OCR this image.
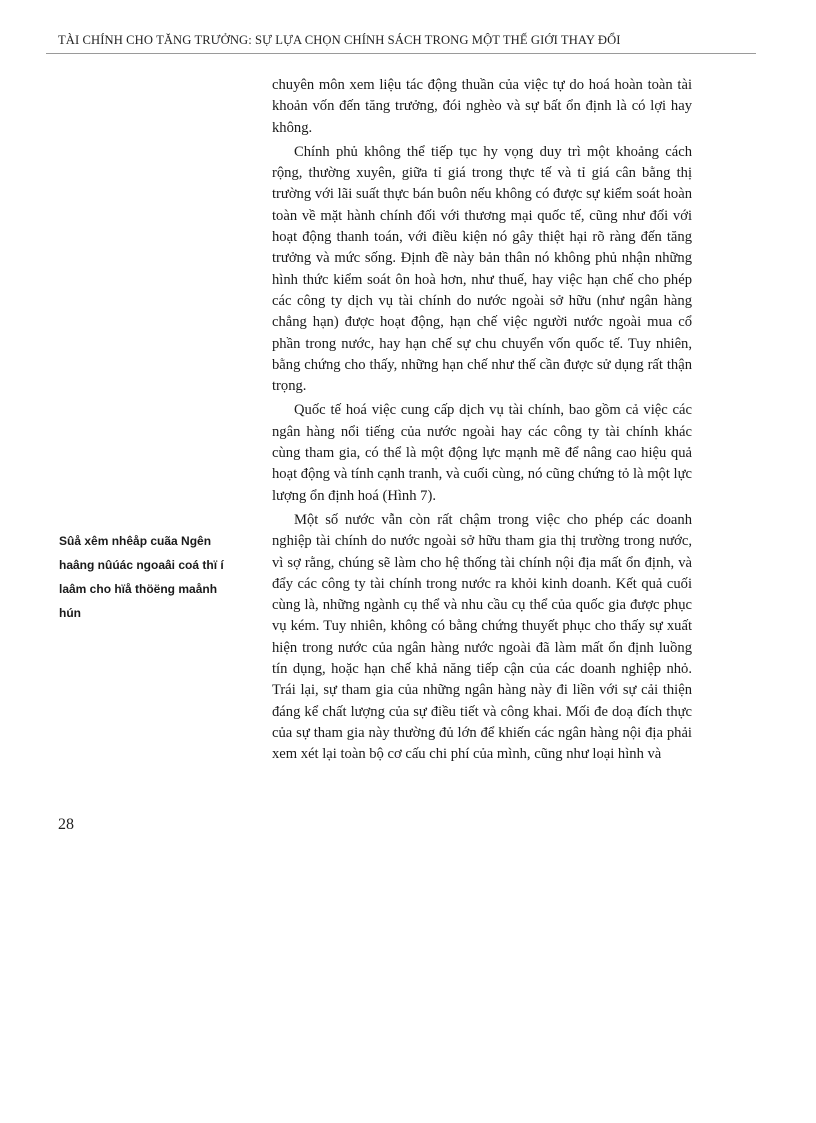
TÀI CHÍNH CHO TĂNG TRƯỞNG: SỰ LỰA CHỌN CHÍNH SÁCH TRONG MỘT THẾ GIỚI THAY ĐỔI

chuyên môn xem liệu tác động thuần của việc tự do hoá hoàn toàn tài khoản vốn đến tăng trưởng, đói nghèo và sự bất ổn định là có lợi hay không.

Chính phủ không thể tiếp tục hy vọng duy trì một khoảng cách rộng, thường xuyên, giữa tỉ giá trong thực tế và tỉ giá cân bằng thị trường với lãi suất thực bán buôn nếu không có được sự kiểm soát hoàn toàn về mặt hành chính đối với thương mại quốc tế, cũng như đối với hoạt động thanh toán, với điều kiện nó gây thiệt hại rõ ràng đến tăng trưởng và mức sống. Định đề này bản thân nó không phủ nhận những hình thức kiểm soát ôn hoà hơn, như thuế, hay việc hạn chế cho phép các công ty dịch vụ tài chính do nước ngoài sở hữu (như ngân hàng chẳng hạn) được hoạt động, hạn chế việc người nước ngoài mua cổ phần trong nước, hay hạn chế sự chu chuyển vốn quốc tế. Tuy nhiên, bằng chứng cho thấy, những hạn chế như thế cần được sử dụng rất thận trọng.

Quốc tế hoá việc cung cấp dịch vụ tài chính, bao gồm cả việc các ngân hàng nổi tiếng của nước ngoài hay các công ty tài chính khác cùng tham gia, có thể là một động lực mạnh mẽ để nâng cao hiệu quả hoạt động và tính cạnh tranh, và cuối cùng, nó cũng chứng tỏ là một lực lượng ổn định hoá (Hình 7).

Một số nước vẫn còn rất chậm trong việc cho phép các doanh nghiệp tài chính do nước ngoài sở hữu tham gia thị trường trong nước, vì sợ rằng, chúng sẽ làm cho hệ thống tài chính nội địa mất ổn định, và đẩy các công ty tài chính trong nước ra khỏi kinh doanh. Kết quả cuối cùng là, những ngành cụ thể và nhu cầu cụ thể của quốc gia được phục vụ kém. Tuy nhiên, không có bằng chứng thuyết phục cho thấy sự xuất hiện trong nước của ngân hàng nước ngoài đã làm mất ổn định luồng tín dụng, hoặc hạn chế khả năng tiếp cận của các doanh nghiệp nhỏ. Trái lại, sự tham gia của những ngân hàng này đi liền với sự cải thiện đáng kể chất lượng của sự điều tiết và công khai. Mối đe doạ đích thực của sự tham gia này thường đủ lớn để khiến các ngân hàng nội địa phải xem xét lại toàn bộ cơ cấu chi phí của mình, cũng như loại hình và

Sûå xêm nhêåp cuãa Ngên
haâng nûúác ngoaâi coá thï í
laâm cho hïå thöëng maånh
hún
28
